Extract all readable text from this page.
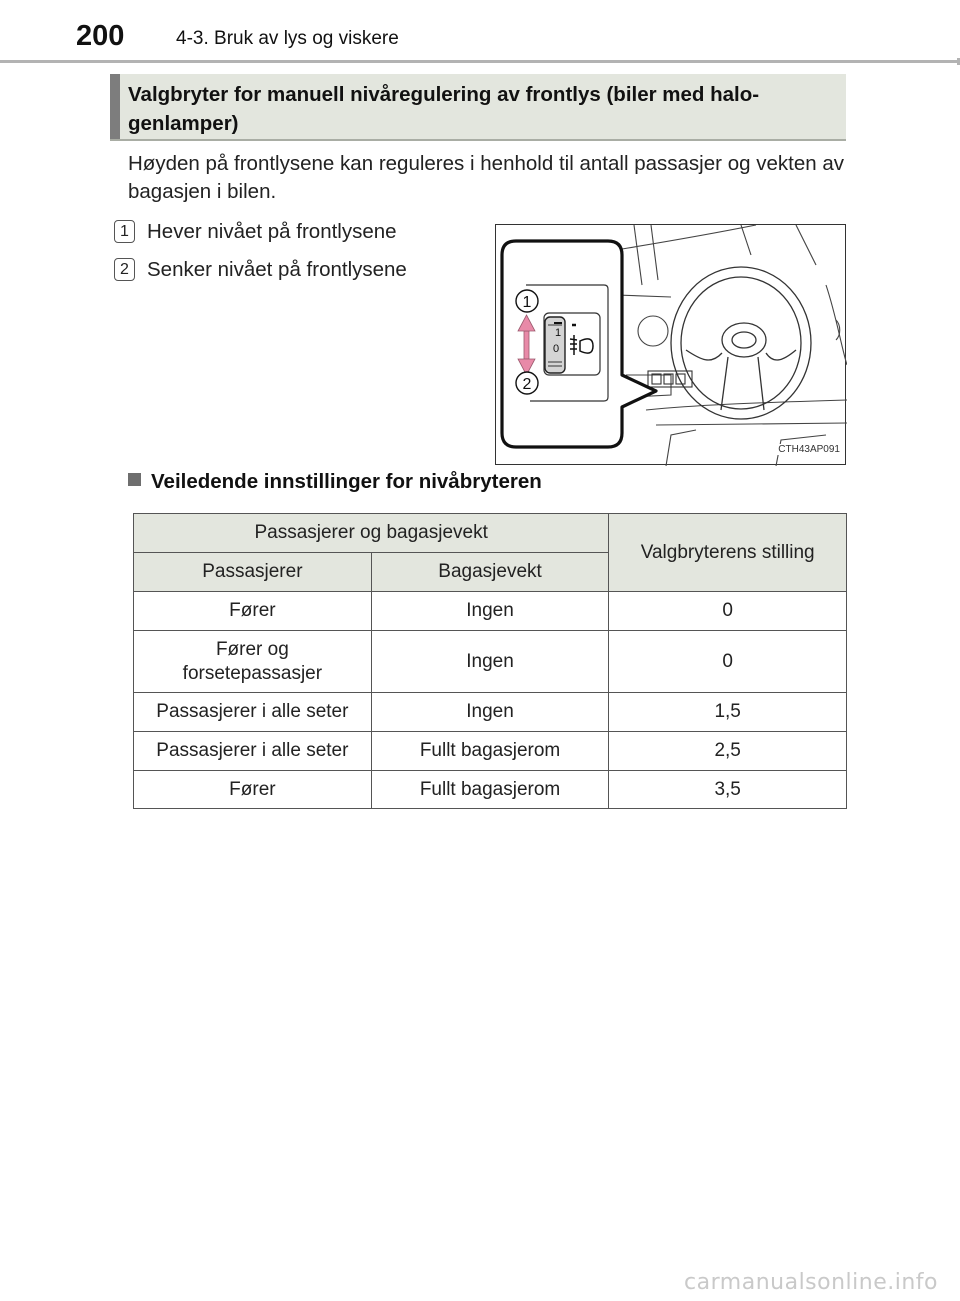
200	4-3. Bruk av lys og viskere
Valgbryter for manuell nivåregulering av frontlys (biler med halo-genlamper)
Høyden på frontlysene kan reguleres i henhold til antall passasjer og vekten av bagasjen i bilen.
1 Hever nivået på frontlysene
2 Senker nivået på frontlysene
1
0
1
2
CTH43AP091
Veiledende innstillinger for nivåbryteren
Passasjerer og bagasjevekt		Valgbryterens stilling
Passasjerer	Bagasjevekt	
Fører	Ingen	0
Fører og forsetepassasjer	Ingen	0
Passasjerer i alle seter	Ingen	1,5
Passasjerer i alle seter	Fullt bagasjerom	2,5
Fører	Fullt bagasjerom	3,5
carmanualsonline.info
